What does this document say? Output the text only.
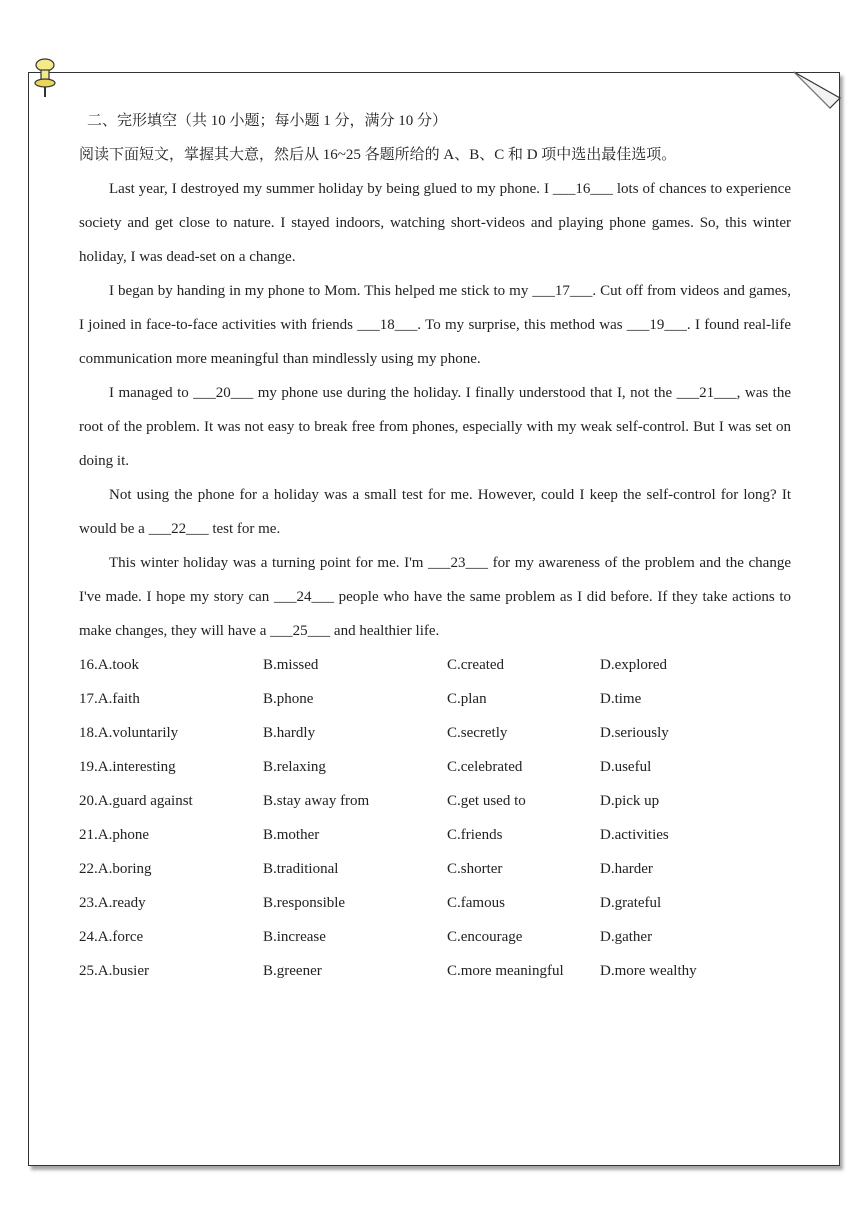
二、完形填空（共 10 小题；每小题 1 分，满分 10 分）
阅读下面短文，掌握其大意，然后从 16~25 各题所给的 A、B、C 和 D 项中选出最佳选项。

Last year, I destroyed my summer holiday by being glued to my phone. I ___16___ lots of chances to experience society and get close to nature. I stayed indoors, watching short-videos and playing phone games. So, this winter holiday, I was dead-set on a change.

I began by handing in my phone to Mom. This helped me stick to my ___17___. Cut off from videos and games, I joined in face-to-face activities with friends ___18___. To my surprise, this method was ___19___. I found real-life communication more meaningful than mindlessly using my phone.

I managed to ___20___ my phone use during the holiday. I finally understood that I, not the ___21___, was the root of the problem. It was not easy to break free from phones, especially with my weak self-control. But I was set on doing it.

Not using the phone for a holiday was a small test for me. However, could I keep the self-control for long? It would be a ___22___ test for me.

This winter holiday was a turning point for me. I'm ___23___ for my awareness of the problem and the change I've made. I hope my story can ___24___ people who have the same problem as I did before. If they take actions to make changes, they will have a ___25___ and healthier life.

16.A.took	B.missed	C.created	D.explored
17.A.faith	B.phone	C.plan	D.time
18.A.voluntarily	B.hardly	C.secretly	D.seriously
19.A.interesting	B.relaxing	C.celebrated	D.useful
20.A.guard against	B.stay away from	C.get used to	D.pick up
21.A.phone	B.mother	C.friends	D.activities
22.A.boring	B.traditional	C.shorter	D.harder
23.A.ready	B.responsible	C.famous	D.grateful
24.A.force	B.increase	C.encourage	D.gather
25.A.busier	B.greener	C.more meaningful	D.more wealthy
